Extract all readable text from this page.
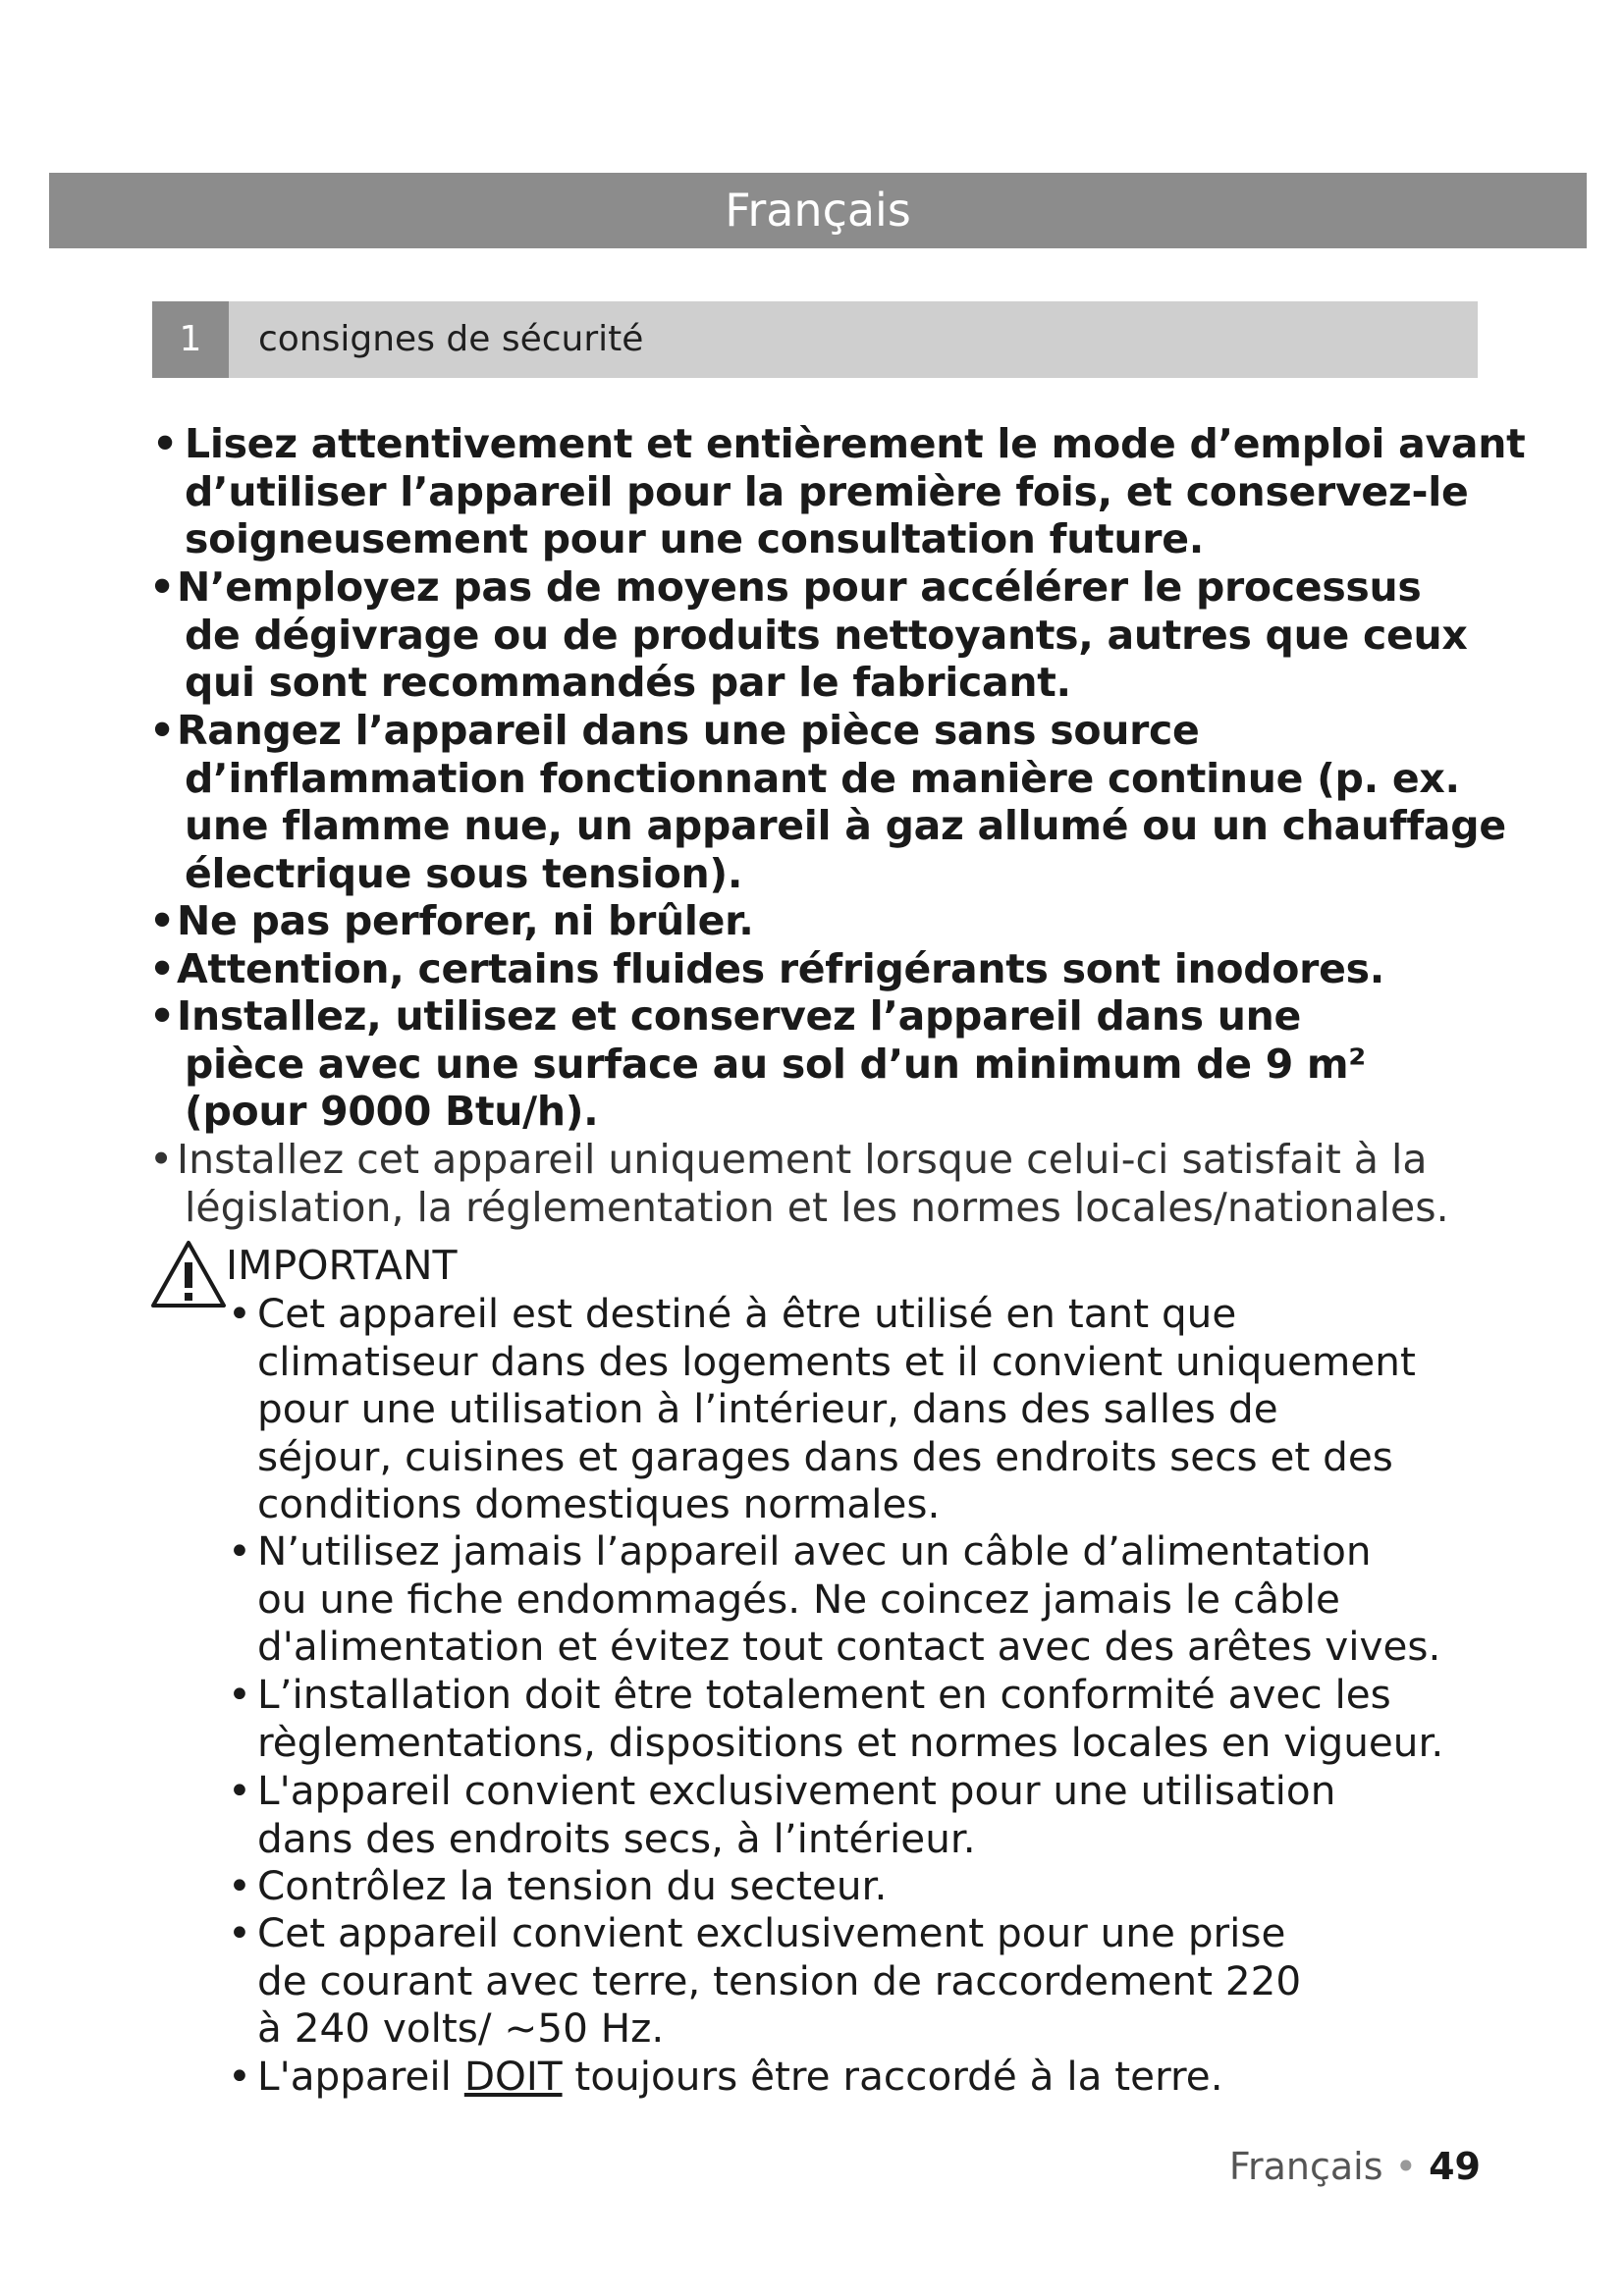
Français
1	consignes de sécurité
• Lisez attentivement et entièrement le mode d’emploi avant
d’utiliser l’appareil pour la première fois, et conservez-le
soigneusement pour une consultation future.
• N’employez pas de moyens pour accélérer le processus
de dégivrage ou de produits nettoyants, autres que ceux
qui sont recommandés par le fabricant.
• Rangez l’appareil dans une pièce sans source
d’inflammation fonctionnant de manière continue (p. ex.
une flamme nue, un appareil à gaz allumé ou un chauffage
électrique sous tension).
• Ne pas perforer, ni brûler.
• Attention, certains fluides réfrigérants sont inodores.
• Installez, utilisez et conservez l’appareil dans une
pièce avec une surface au sol d’un minimum de 9 m²
(pour 9000 Btu/h).
• Installez cet appareil uniquement lorsque celui-ci satisfait à la
législation, la réglementation et les normes locales/nationales.
IMPORTANT
• Cet appareil est destiné à être utilisé en tant que
climatiseur dans des logements et il convient uniquement
pour une utilisation à l’intérieur, dans des salles de
séjour, cuisines et garages dans des endroits secs et des
conditions domestiques normales.
• N’utilisez jamais l’appareil avec un câble d’alimentation
ou une fiche endommagés. Ne coincez jamais le câble
d'alimentation et évitez tout contact avec des arêtes vives.
• L’installation doit être totalement en conformité avec les
règlementations, dispositions et normes locales en vigueur.
• L'appareil convient exclusivement pour une utilisation
dans des endroits secs, à l’intérieur.
• Contrôlez la tension du secteur.
• Cet appareil convient exclusivement pour une prise
de courant avec terre, tension de raccordement 220
à 240 volts/ ~50 Hz.
• L'appareil DOIT toujours être raccordé à la terre.
Français • 49
